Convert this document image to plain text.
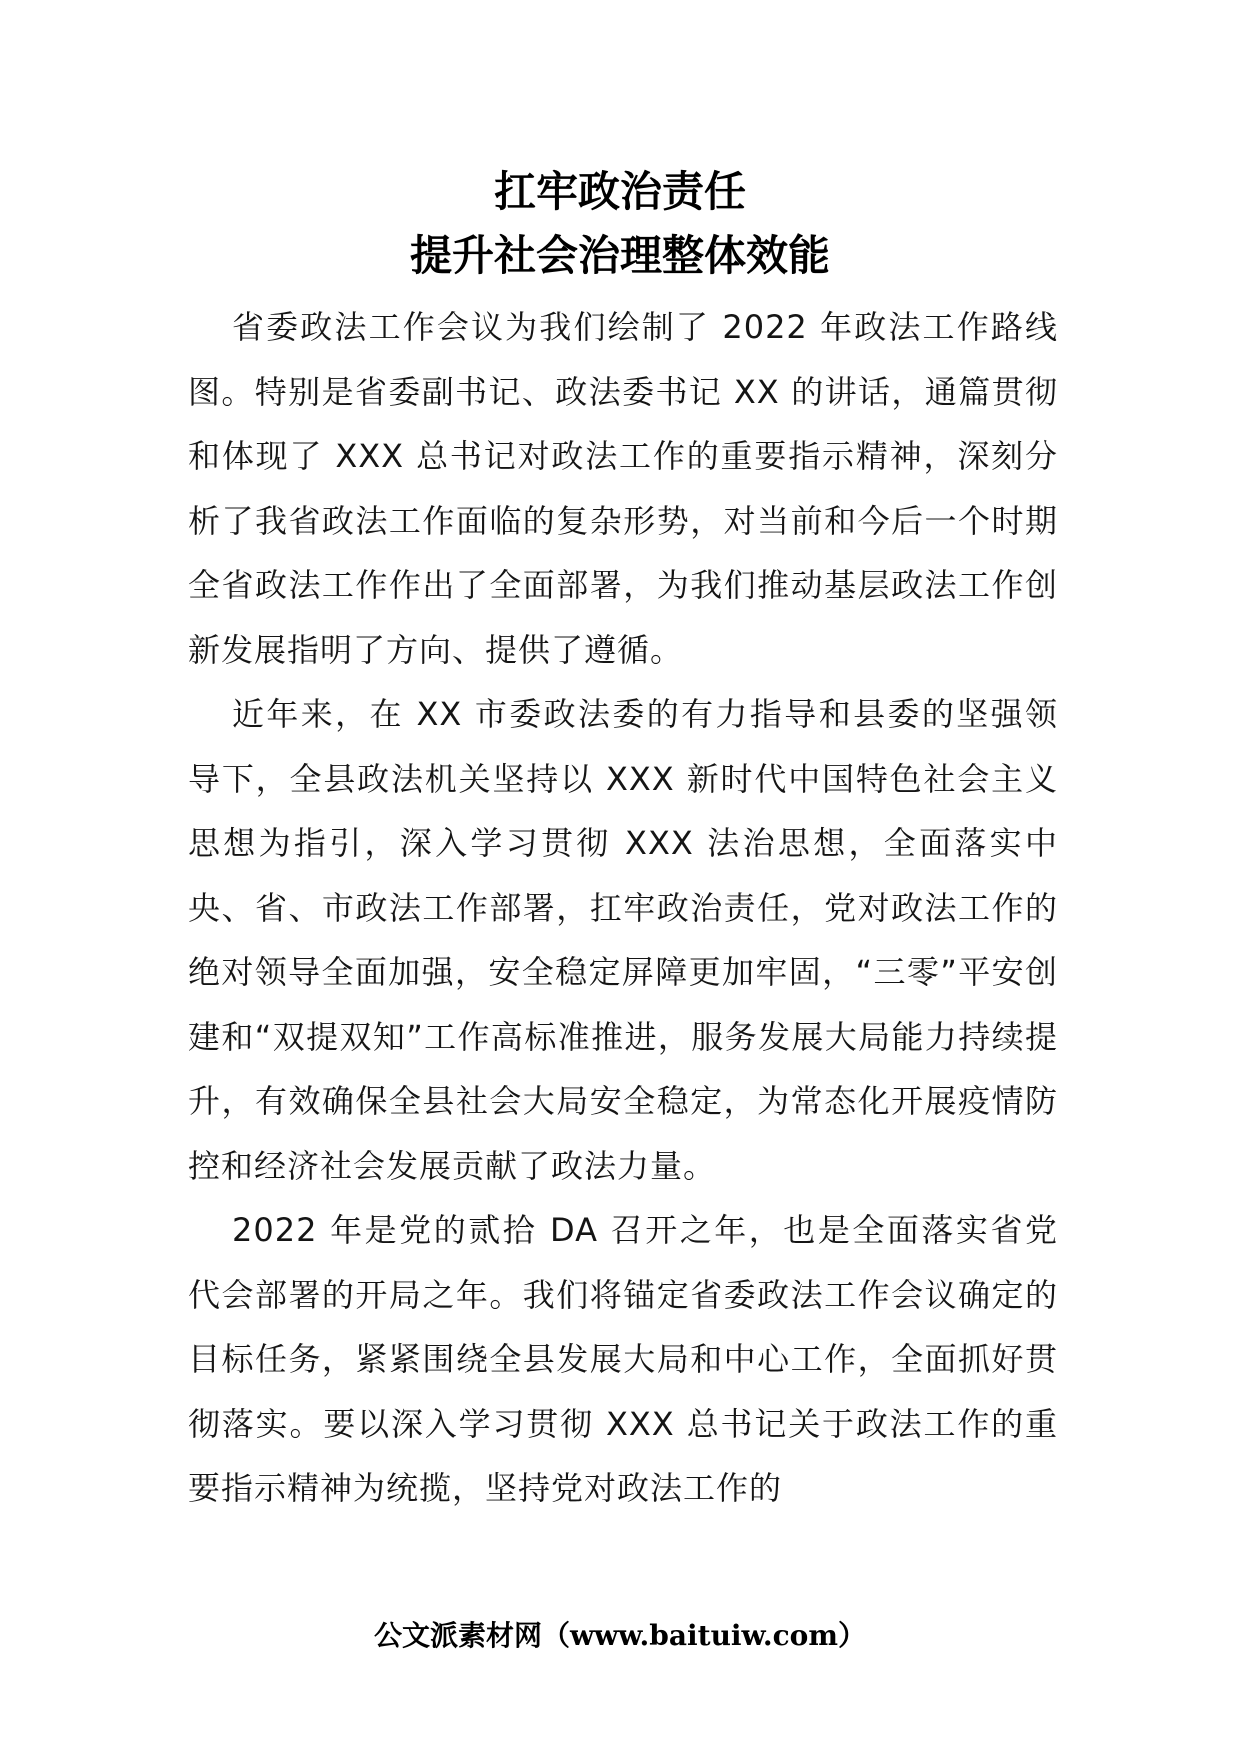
扛牢政治责任
提升社会治理整体效能

省委政法工作会议为我们绘制了 2022 年政法工作路线图。特别是省委副书记、政法委书记 XX 的讲话，通篇贯彻和体现了 XXX 总书记对政法工作的重要指示精神，深刻分析了我省政法工作面临的复杂形势，对当前和今后一个时期全省政法工作作出了全面部署，为我们推动基层政法工作创新发展指明了方向、提供了遵循。

近年来，在 XX 市委政法委的有力指导和县委的坚强领导下，全县政法机关坚持以 XXX 新时代中国特色社会主义思想为指引，深入学习贯彻 XXX 法治思想，全面落实中央、省、市政法工作部署，扛牢政治责任，党对政法工作的绝对领导全面加强，安全稳定屏障更加牢固，“三零”平安创建和“双提双知”工作高标准推进，服务发展大局能力持续提升，有效确保全县社会大局安全稳定，为常态化开展疫情防控和经济社会发展贡献了政法力量。

2022 年是党的贰拾 DA 召开之年，也是全面落实省党代会部署的开局之年。我们将锚定省委政法工作会议确定的目标任务，紧紧围绕全县发展大局和中心工作，全面抓好贯彻落实。要以深入学习贯彻 XXX 总书记关于政法工作的重要指示精神为统揽，坚持党对政法工作的

公文派素材网（www.baituiw.com）
